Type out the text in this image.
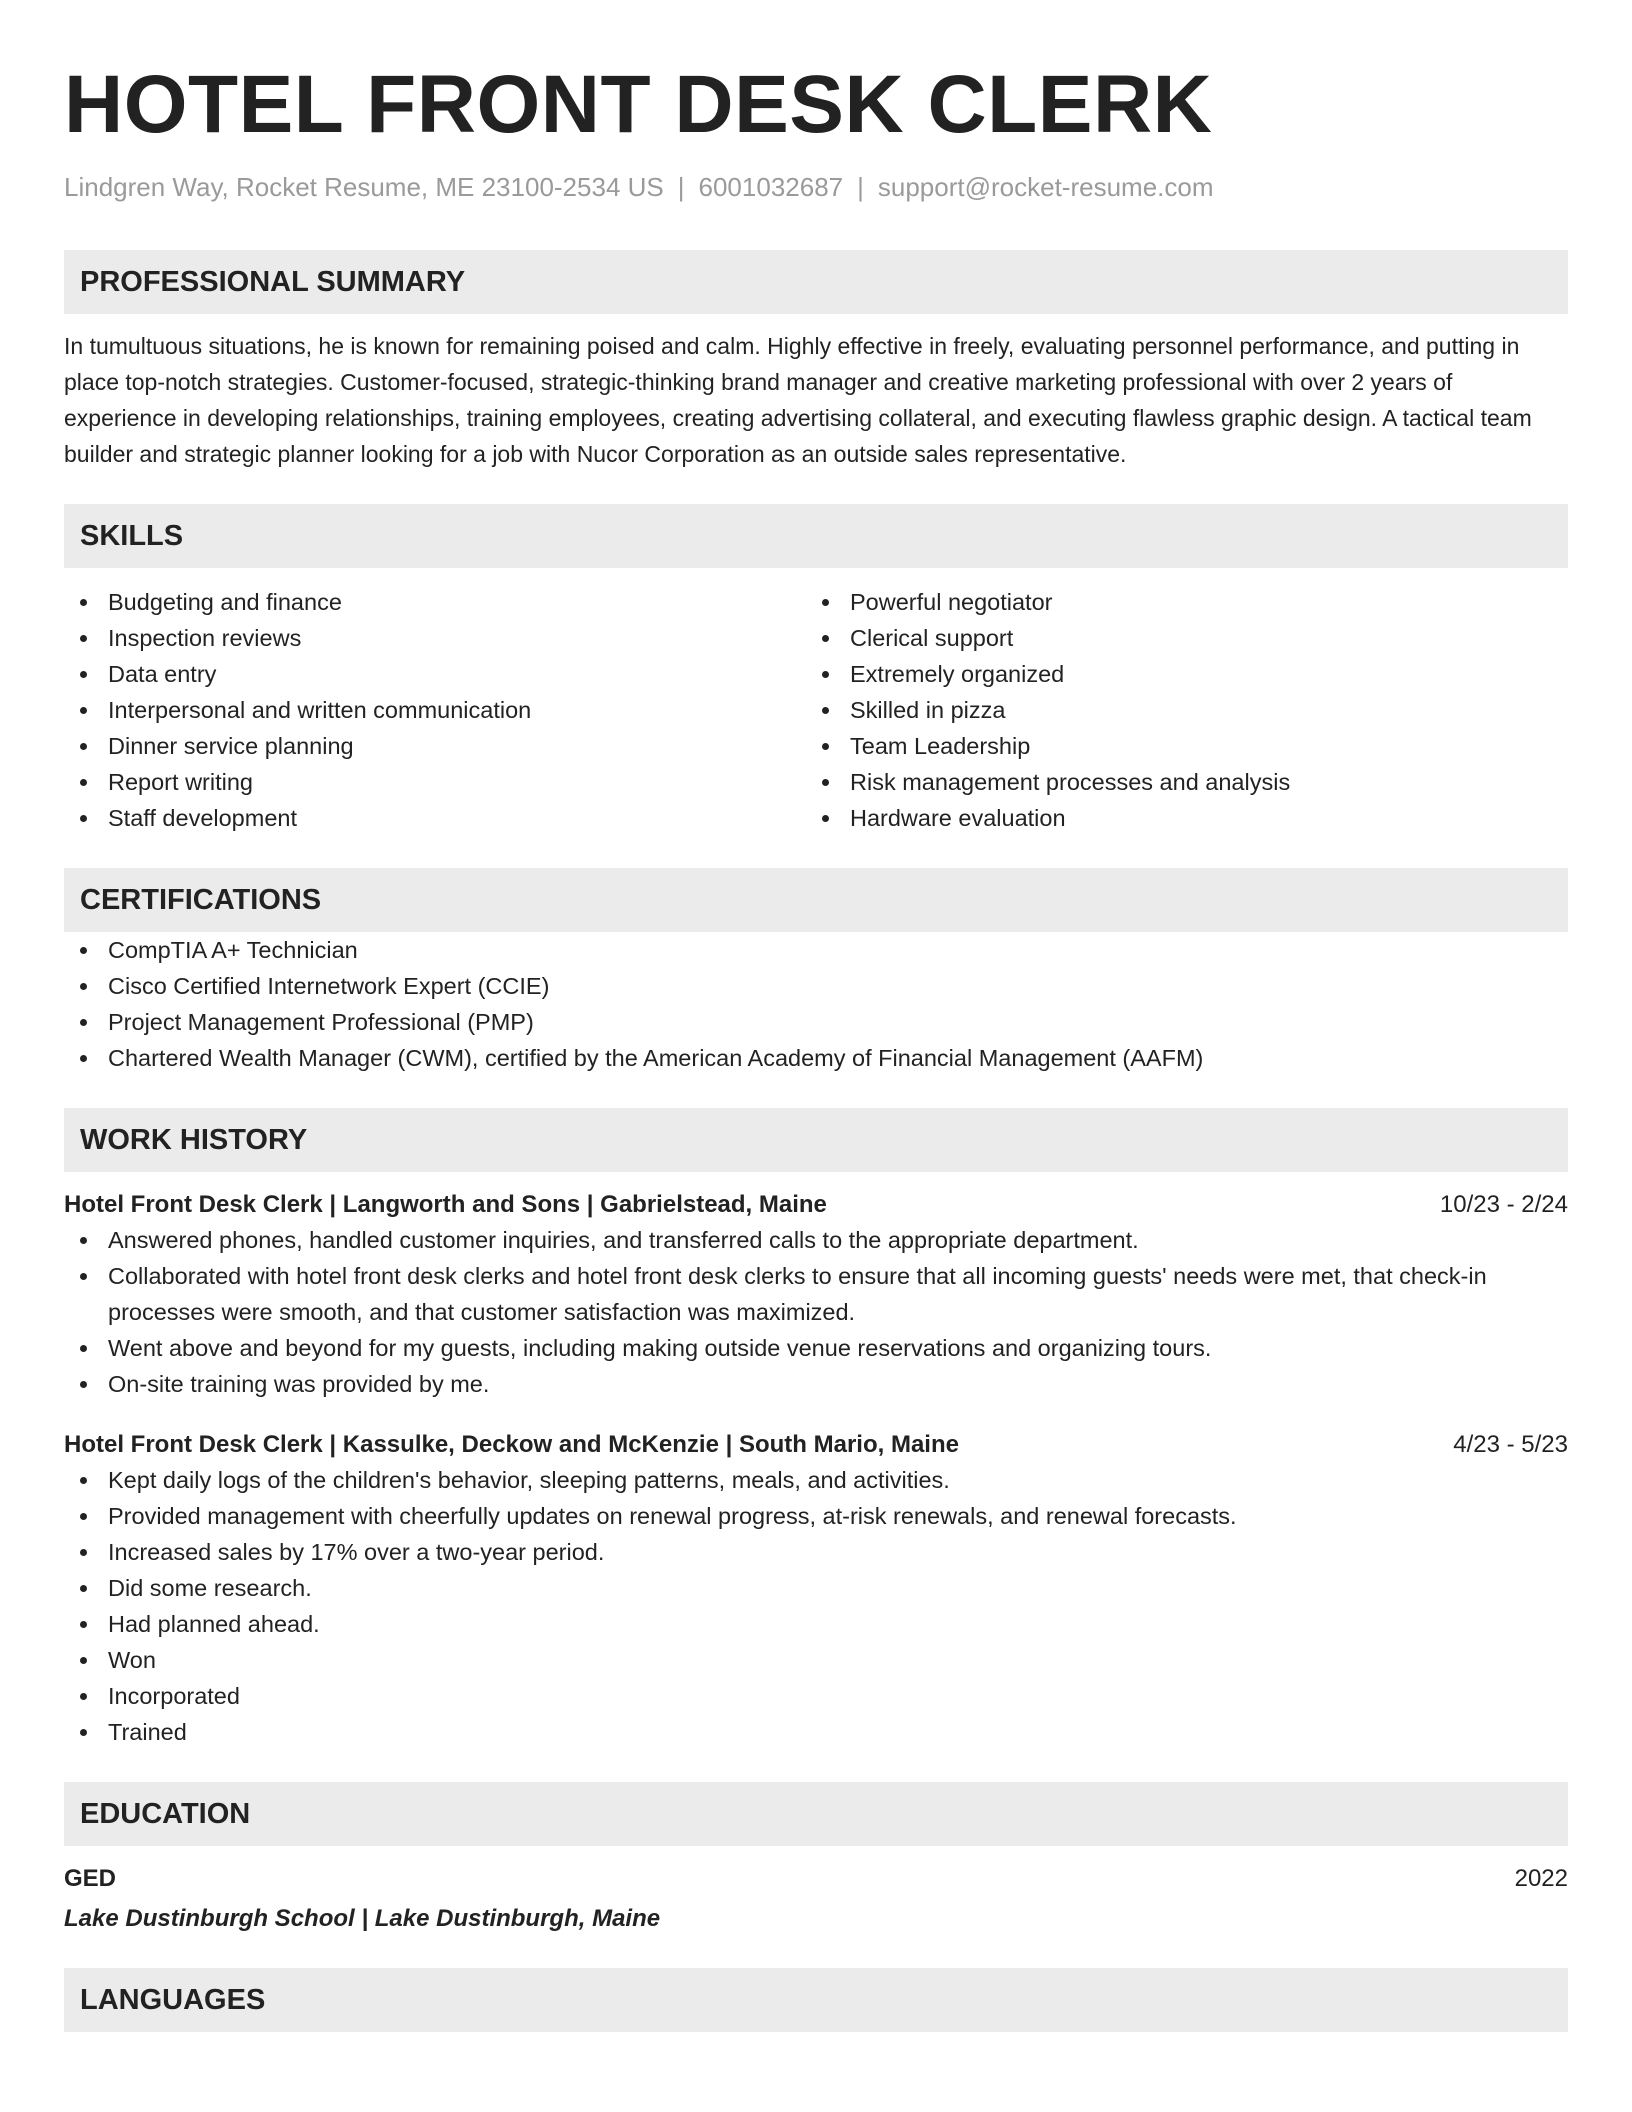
HOTEL FRONT DESK CLERK
Lindgren Way, Rocket Resume, ME 23100-2534 US | 6001032687 | support@rocket-resume.com
PROFESSIONAL SUMMARY

In tumultuous situations, he is known for remaining poised and calm. Highly effective in freely, evaluating personnel performance, and putting in place top-notch strategies. Customer-focused, strategic-thinking brand manager and creative marketing professional with over 2 years of experience in developing relationships, training employees, creating advertising collateral, and executing flawless graphic design. A tactical team builder and strategic planner looking for a job with Nucor Corporation as an outside sales representative.

SKILLS
Budgeting and finance
Inspection reviews
Data entry
Interpersonal and written communication
Dinner service planning
Report writing
Staff development
Powerful negotiator
Clerical support
Extremely organized
Skilled in pizza
Team Leadership
Risk management processes and analysis
Hardware evaluation
CERTIFICATIONS
CompTIA A+ Technician
Cisco Certified Internetwork Expert (CCIE)
Project Management Professional (PMP)
Chartered Wealth Manager (CWM), certified by the American Academy of Financial Management (AAFM)
WORK HISTORY
Hotel Front Desk Clerk | Langworth and Sons | Gabrielstead, Maine	10/23 - 2/24
Answered phones, handled customer inquiries, and transferred calls to the appropriate department.
Collaborated with hotel front desk clerks and hotel front desk clerks to ensure that all incoming guests' needs were met, that check-in processes were smooth, and that customer satisfaction was maximized.
Went above and beyond for my guests, including making outside venue reservations and organizing tours.
On-site training was provided by me.
Hotel Front Desk Clerk | Kassulke, Deckow and McKenzie | South Mario, Maine	4/23 - 5/23
Kept daily logs of the children's behavior, sleeping patterns, meals, and activities.
Provided management with cheerfully updates on renewal progress, at-risk renewals, and renewal forecasts.
Increased sales by 17% over a two-year period.
Did some research.
Had planned ahead.
Won
Incorporated
Trained
EDUCATION
GED	2022
Lake Dustinburgh School | Lake Dustinburgh, Maine
LANGUAGES
